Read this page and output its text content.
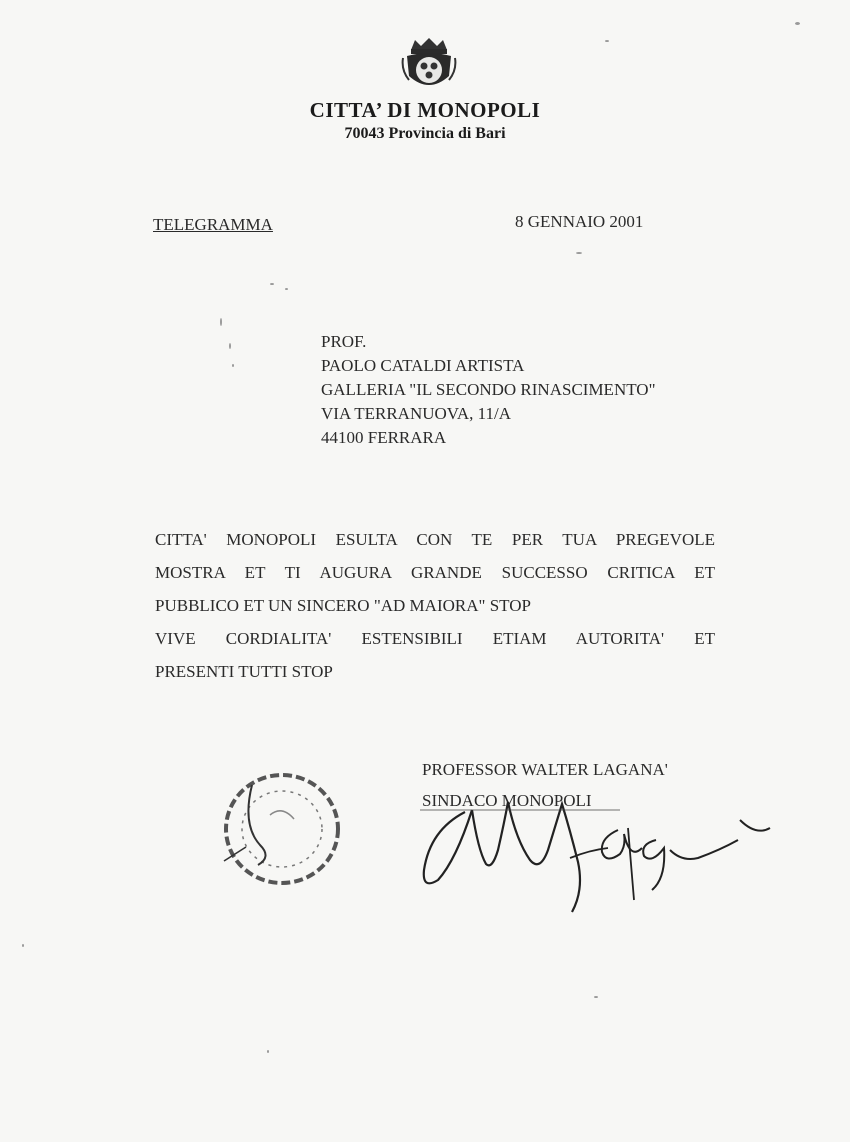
CITTA’ DI MONOPOLI
70043 Provincia di Bari
TELEGRAMMA	8 GENNAIO 2001
PROF.
PAOLO CATALDI ARTISTA
GALLERIA "IL SECONDO RINASCIMENTO"
VIA TERRANUOVA, 11/A
44100 FERRARA
CITTA' MONOPOLI ESULTA CON TE PER TUA PREGEVOLE
MOSTRA ET TI AUGURA GRANDE SUCCESSO CRITICA ET
PUBBLICO ET UN SINCERO "AD MAIORA" STOP
VIVE CORDIALITA' ESTENSIBILI ETIAM AUTORITA' ET
PRESENTI TUTTI STOP
PROFESSOR WALTER LAGANA'
SINDACO MONOPOLI
